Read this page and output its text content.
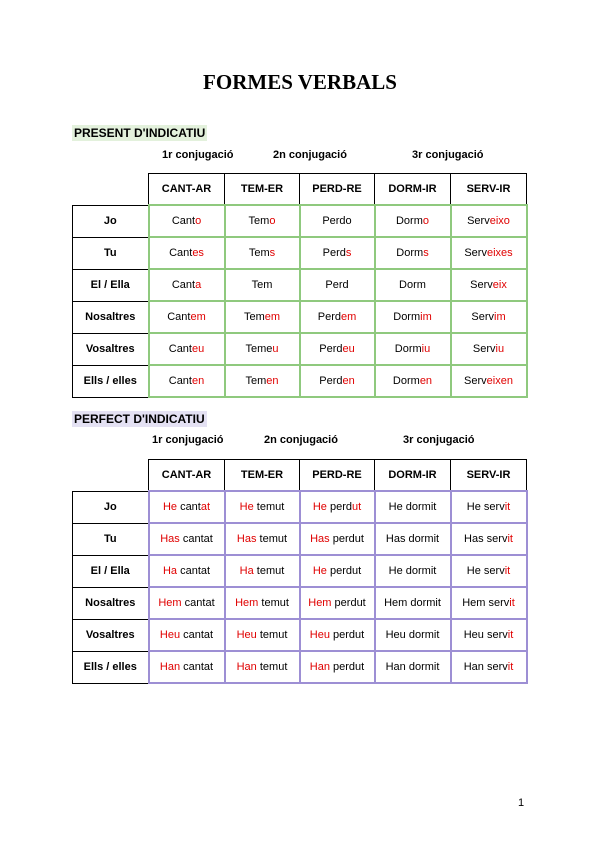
FORMES VERBALS
PRESENT D'INDICATIU
1r conjugació	2n conjugació	3r conjugació
	CANT-AR	TEM-ER	PERD-RE	DORM-IR	SERV-IR
Jo	Canto	Temo	Perdo	Dormo	Serveixo
Tu	Cantes	Tems	Perds	Dorms	Serveixes
El / Ella	Canta	Tem	Perd	Dorm	Serveix
Nosaltres	Cantem	Temem	Perdem	Dormim	Servim
Vosaltres	Canteu	Temeu	Perdeu	Dormiu	Serviu
Ells / elles	Canten	Temen	Perden	Dormen	Serveixen
PERFECT D'INDICATIU
1r conjugació	2n conjugació	3r conjugació
	CANT-AR	TEM-ER	PERD-RE	DORM-IR	SERV-IR
Jo	He cantat	He temut	He perdut	He dormit	He servit
Tu	Has cantat	Has temut	Has perdut	Has dormit	Has servit
El / Ella	Ha cantat	Ha temut	He perdut	He dormit	He servit
Nosaltres	Hem cantat	Hem temut	Hem perdut	Hem dormit	Hem servit
Vosaltres	Heu cantat	Heu temut	Heu perdut	Heu dormit	Heu servit
Ells / elles	Han cantat	Han temut	Han perdut	Han dormit	Han servit
1
